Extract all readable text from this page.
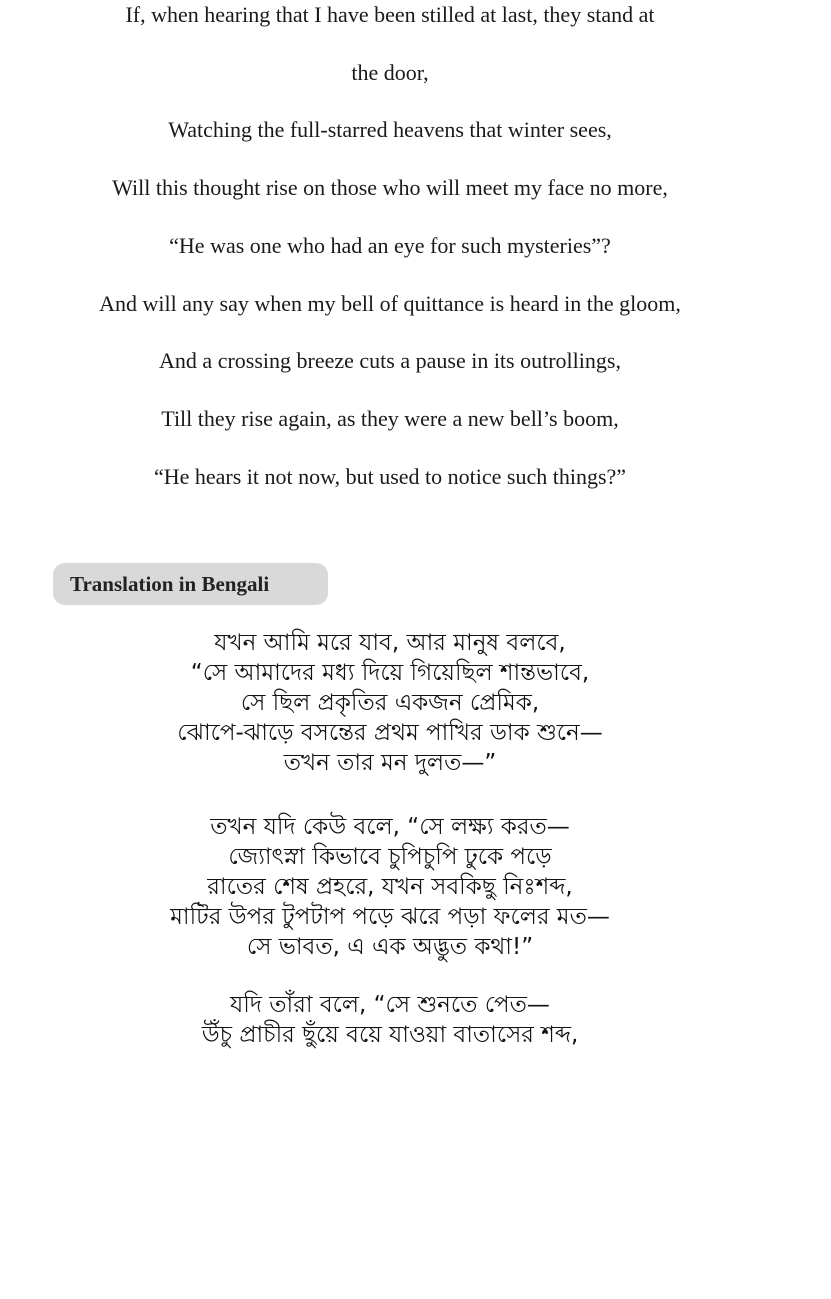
If, when hearing that I have been stilled at last, they stand at
the door,
Watching the full-starred heavens that winter sees,
Will this thought rise on those who will meet my face no more,
“He was one who had an eye for such mysteries”?
And will any say when my bell of quittance is heard in the gloom,
And a crossing breeze cuts a pause in its outrollings,
Till they rise again, as they were a new bell’s boom,
“He hears it not now, but used to notice such things?”
Translation in Bengali
যখন আমি মরে যাব, আর মানুষ বলবে,
“সে আমাদের মধ্য দিয়ে গিয়েছিল শান্তভাবে,
সে ছিল প্রকৃতির একজন প্রেমিক,
ঝোপে-ঝাড়ে বসন্তের প্রথম পাখির ডাক শুনে—
তখন তার মন দুলত—”
তখন যদি কেউ বলে, “সে লক্ষ্য করত—
জ্যোৎস্না কিভাবে চুপিচুপি ঢুকে পড়ে
রাতের শেষ প্রহরে, যখন সবকিছু নিঃশব্দ,
মাটির উপর টুপটাপ পড়ে ঝরে পড়া ফলের মত—
সে ভাবত, এ এক অদ্ভুত কথা!”
যদি তাঁরা বলে, “সে শুনতে পেত—
উঁচু প্রাচীর ছুঁয়ে বয়ে যাওয়া বাতাসের শব্দ,
